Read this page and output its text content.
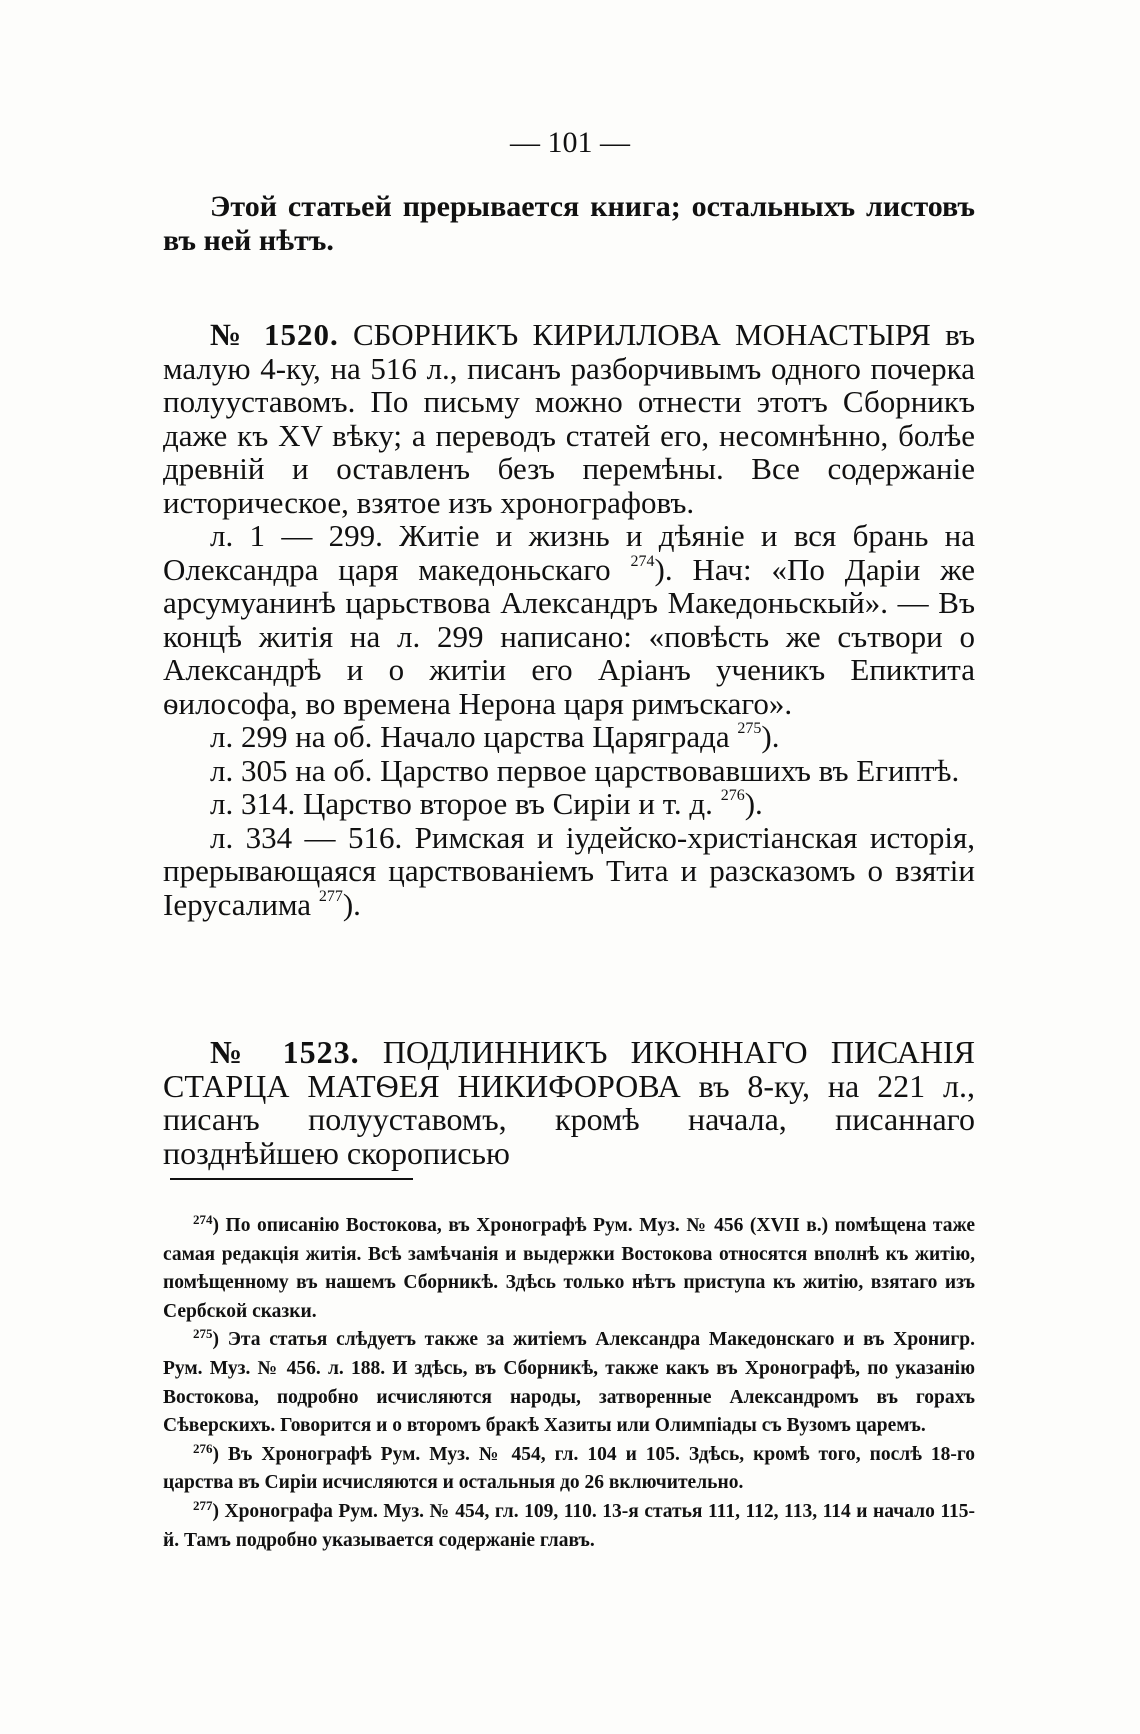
— 101 —

Этой статьей прерывается книга; остальныхъ листовъ въ ней нѣтъ.

№ 1520. СБОРНИКЪ КИРИЛЛОВА МОНАСТЫРЯ въ малую 4-ку, на 516 л., писанъ разборчивымъ одного почерка полууставомъ. По письму можно отнести этотъ Сборникъ даже къ XV вѣку; а переводъ статей его, несомнѣнно, болѣе древній и оставленъ безъ перемѣны. Все содержаніе историческое, взятое изъ хронографовъ.

л. 1 — 299. Житіе и жизнь и дѣяніе и вся брань на Олександра царя македоньскаго $^{274}$). Нач: «По Даріи же арсумуанинѣ царьствова Александръ Македоньскый». — Въ концѣ житія на л. 299 написано: «повѣсть же сътвори о Александрѣ и о житіи его Аріанъ ученикъ Епиктита ѳилософа, во времена Нерона царя римъскаго».

л. 299 на об. Начало царства Царяграда $^{275}$).

л. 305 на об. Царство первое царствовавшихъ въ Египтѣ.

л. 314. Царство второе въ Сиріи и т. д. $^{276}$).

л. 334 — 516. Римская и іудейско-христіанская исторія, прерывающаяся царствованіемъ Тита и разсказомъ о взятіи Іерусалима $^{277}$).

№ 1523. ПОДЛИННИКЪ ИКОННАГО ПИСАНІЯ СТАРЦА МАТѲЕЯ НИКИФОРОВА въ 8-ку, на 221 л., писанъ полууставомъ, кромѣ начала, писаннаго позднѣйшею скорописью

$^{274}$) По описанію Востокова, въ Хронографѣ Рум. Муз. № 456 (XVII в.) помѣщена таже самая редакція житія. Всѣ замѣчанія и выдержки Востокова относятся вполнѣ къ житію, помѣщенному въ нашемъ Сборникѣ. Здѣсь только нѣтъ приступа къ житію, взятаго изъ Сербской сказки.

$^{275}$) Эта статья слѣдуетъ также за житіемъ Александра Македонскаго и въ Хронигр. Рум. Муз. № 456. л. 188. И здѣсь, въ Сборникѣ, также какъ въ Хронографѣ, по указанію Востокова, подробно исчисляются народы, затворенные Александромъ въ горахъ Сѣверскихъ. Говорится и о второмъ бракѣ Хазиты или Олимпіады съ Вузомъ царемъ.

$^{276}$) Въ Хронографѣ Рум. Муз. № 454, гл. 104 и 105. Здѣсь, кромѣ того, послѣ 18-го царства въ Сиріи исчисляются и остальныя до 26 включительно.

$^{277}$) Хронографа Рум. Муз. № 454, гл. 109, 110. 13-я статья 111, 112, 113, 114 и начало 115-й. Тамъ подробно указывается содержаніе главъ.
